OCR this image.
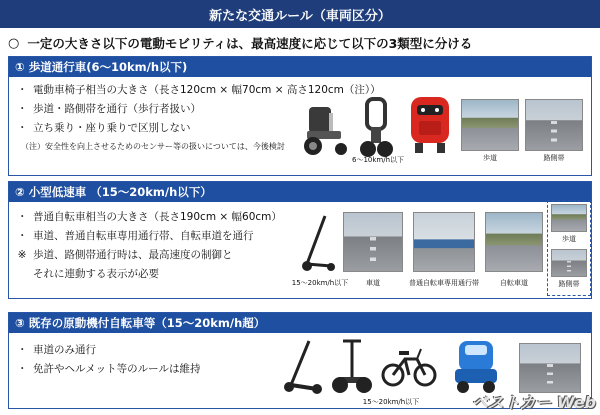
新たな交通ルール（車両区分）
○ 一定の大きさ以下の電動モビリティは、最高速度に応じて以下の3類型に分ける
① 歩道通行車(6～10km/h以下)
・ 電動車椅子相当の大きさ（長さ120cm × 幅70cm × 高さ120cm（注））
・ 歩道・路側帯を通行（歩行者扱い）
・ 立ち乗り・座り乗りで区別しない
（注）安全性を向上させるためのセンサー等の扱いについては、今後検討
6～10km/h以下	歩道	路側帯
② 小型低速車 （15～20km/h以下）
・ 普通自転車相当の大きさ（長さ190cm × 幅60cm）
・ 車道、普通自転車専用通行帯、自転車道を通行
※ 歩道、路側帯通行時は、最高速度の制御と
それに連動する表示が必要
15～20km/h以下	車道	普通自転車専用通行帯	自転車道
歩道
路側帯
③ 既存の原動機付自転車等（15～20km/h超）
・ 車道のみ通行
・ 免許やヘルメット等のルールは維持
15～20km/h以下	ベストカー Web
